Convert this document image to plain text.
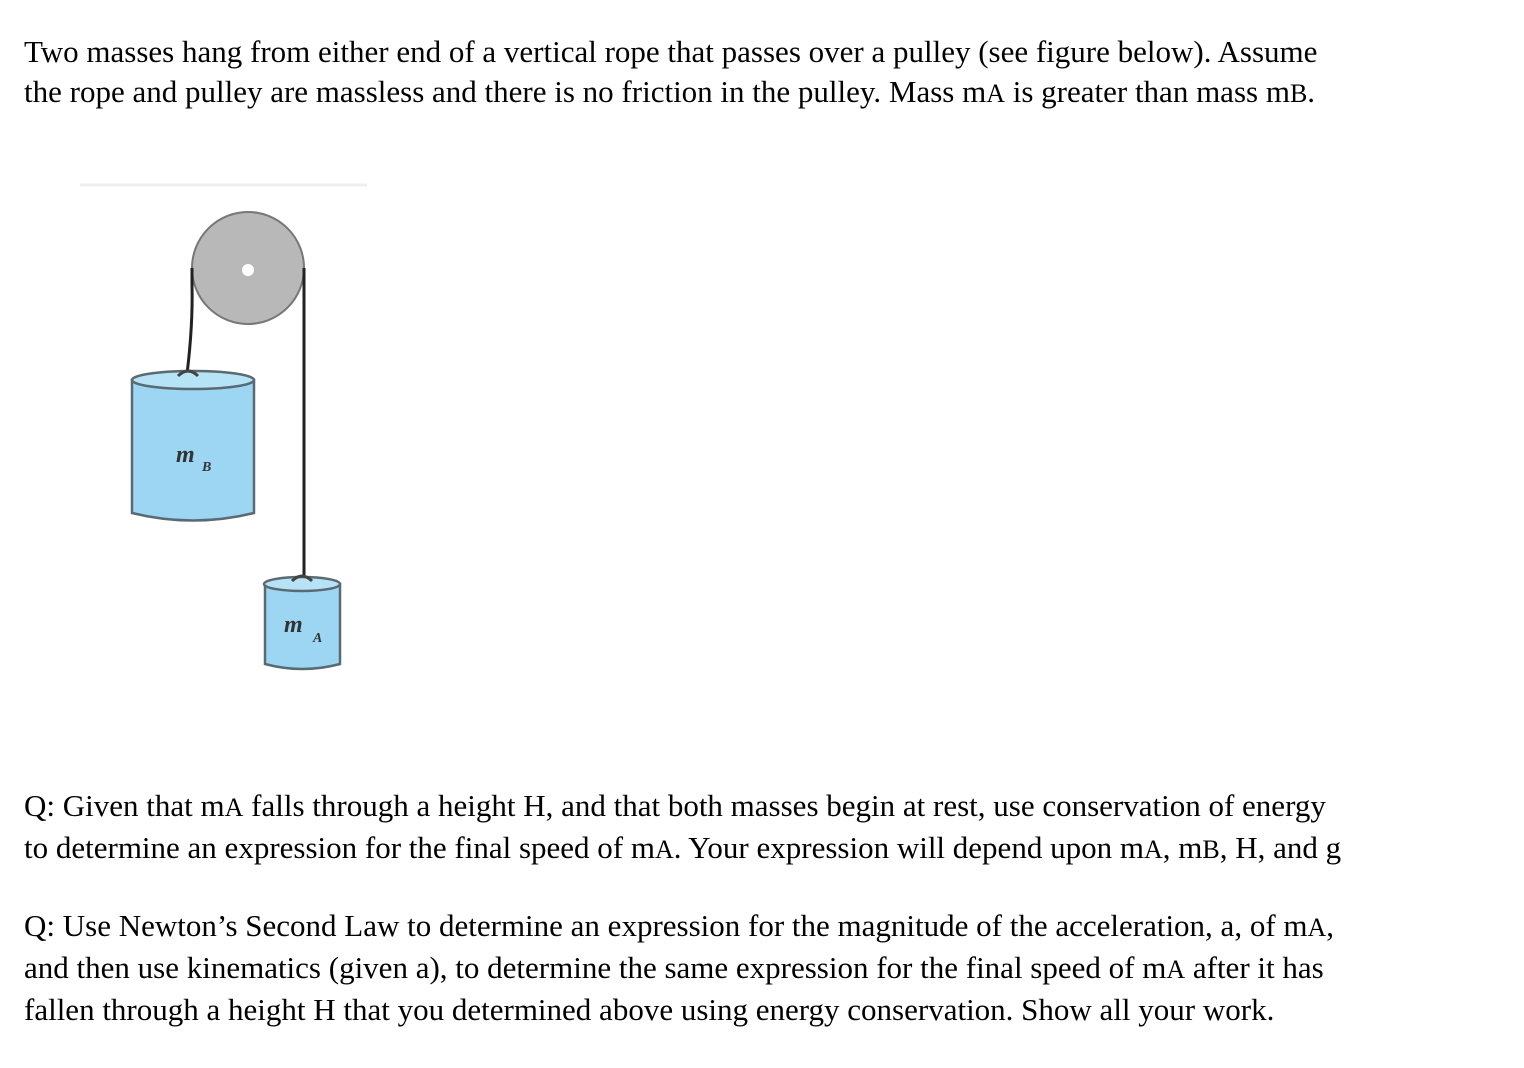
Two masses hang from either end of a vertical rope that passes over a pulley (see figure below). Assume
the rope and pulley are massless and there is no friction in the pulley. Mass mA is greater than mass mB.

m B
m
A

Q: Given that mA falls through a height H, and that both masses begin at rest, use conservation of energy
to determine an expression for the final speed of mA. Your expression will depend upon mA, mB, H, and g

Q: Use Newton’s Second Law to determine an expression for the magnitude of the acceleration, a, of mA,
and then use kinematics (given a), to determine the same expression for the final speed of mA after it has
fallen through a height H that you determined above using energy conservation. Show all your work.
